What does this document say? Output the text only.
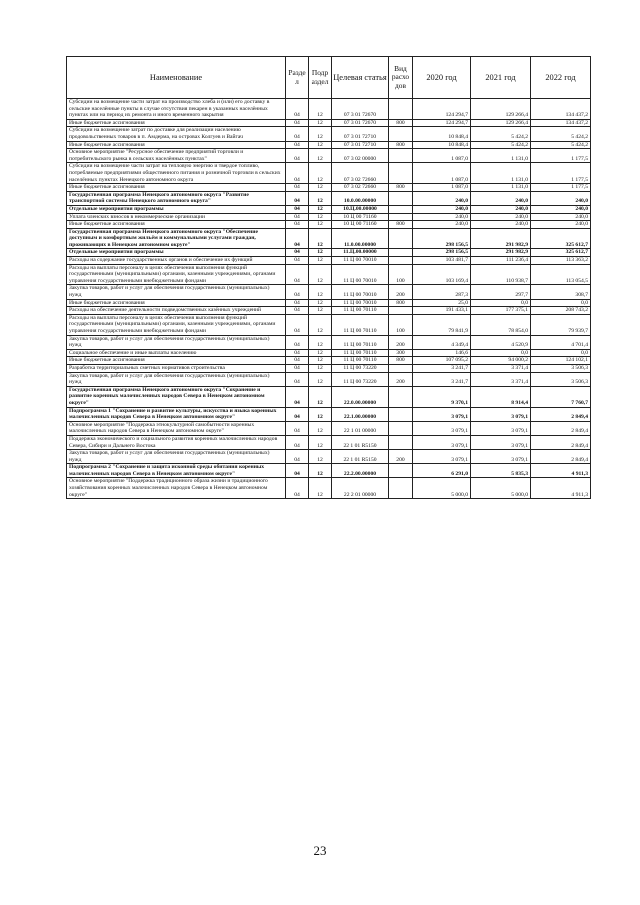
Наименование	Разде л	Подр аздел	Целевая статья	Вид расхо дов	2020 год	2021 год	2022 год
Субсидии на возмещение части затрат на производство хлеба и (или) его доставку в сельские населённые пункты в случае отсутствия пекарен в указанных населённых пунктах или на период их ремонта и иного временного закрытия	04	12	07 3 01 72670		124 294,7	129 266,4	134 437,2
Иные бюджетные ассигнования	04	12	07 3 01 72670	800	124 294,7	129 266,4	134 437,2
Субсидии на возмещение затрат по доставке для реализации населению продовольственных товаров в п. Амдерма, на островах Колгуев и Вайгач	04	12	07 3 01 72710		10 848,4	5 424,2	5 424,2
Иные бюджетные ассигнования	04	12	07 3 01 72710	800	10 848,4	5 424,2	5 424,2
Основное мероприятие "Ресурсное обеспечение предприятий торговли и потребительского рынка в сельских населённых пунктах"	04	12	07 3 02 00000		1 087,0	1 131,0	1 177,5
Субсидии на возмещение части затрат на тепловую энергию и твердое топливо, потребляемые предприятиями общественного питания и розничной торговли в сельских населённых пунктах Ненецкого автономного округа	04	12	07 3 02 72660		1 087,0	1 131,0	1 177,5
Иные бюджетные ассигнования	04	12	07 3 02 72660	800	1 087,0	1 131,0	1 177,5
Государственная программа Ненецкого автономного округа "Развитие транспортной системы Ненецкого автономного округа"	04	12	10.0.00.00000		240,0	240,0	240,0
Отдельные мероприятия программы	04	12	10.Ц.00.00000		240,0	240,0	240,0
Уплата членских взносов в некоммерческие организации	04	12	10 Ц 00 71160		240,0	240,0	240,0
Иные бюджетные ассигнования	04	12	10 Ц 00 71160	800	240,0	240,0	240,0
Государственная программа Ненецкого автономного округа "Обеспечение доступным и комфортным жильём и коммунальными услугами граждан, проживающих в Ненецком автономном округе"	04	12	11.0.00.00000		298 156,5	291 982,9	325 612,7
Отдельные мероприятия программы	04	12	11.Ц.00.00000		298 156,5	291 982,9	325 612,7
Расходы на содержание государственных органов и обеспечение их функций	04	12	11 Ц 00 70010		103 481,7	111 236,4	113 363,2
Расходы на выплаты персоналу в целях обеспечения выполнения функций государственными (муниципальными) органами, казенными учреждениями, органами управления государственными внебюджетными фондами	04	12	11 Ц 00 70010	100	103 169,4	110 938,7	113 054,5
Закупка товаров, работ и услуг для обеспечения государственных (муниципальных) нужд	04	12	11 Ц 00 70010	200	287,3	297,7	308,7
Иные бюджетные ассигнования	04	12	11 Ц 00 70010	800	25,0	0,0	0,0
Расходы на обеспечение деятельности подведомственных казённых учреждений	04	12	11 Ц 00 70110		191 433,1	177 375,1	208 743,2
Расходы на выплаты персоналу в целях обеспечения выполнения функций государственными (муниципальными) органами, казенными учреждениями, органами управления государственными внебюджетными фондами	04	12	11 Ц 00 70110	100	79 841,9	78 854,0	79 939,7
Закупка товаров, работ и услуг для обеспечения государственных (муниципальных) нужд	04	12	11 Ц 00 70110	200	4 349,4	4 520,9	4 701,4
Социальное обеспечение и иные выплаты населению	04	12	11 Ц 00 70110	300	146,6	0,0	0,0
Иные бюджетные ассигнования	04	12	11 Ц 00 70110	800	107 095,2	94 000,2	124 102,1
Разработка территориальных сметных нормативов строительства	04	12	11 Ц 00 73220		3 241,7	3 371,4	3 506,3
Закупка товаров, работ и услуг для обеспечения государственных (муниципальных) нужд	04	12	11 Ц 00 73220	200	3 241,7	3 371,4	3 506,3
Государственная программа Ненецкого автономного округа "Сохранение и развитие коренных малочисленных народов Севера в Ненецком автономном округе"	04	12	22.0.00.00000		9 370,1	8 914,4	7 760,7
Подпрограмма 1 "Сохранение и развитие культуры, искусства и языка коренных малочисленных народов Севера в Ненецком автономном округе"	04	12	22.1.00.00000		3 079,1	3 079,1	2 849,4
Основное мероприятие "Поддержка этнокультурной самобытности коренных малочисленных народов Севера в Ненецком автономном округе"	04	12	22 1 01 00000		3 079,1	3 079,1	2 849,4
Поддержка экономического и социального развития коренных малочисленных народов Севера, Сибири и Дальнего Востока	04	12	22 1 01 R5150		3 079,1	3 079,1	2 849,4
Закупка товаров, работ и услуг для обеспечения государственных (муниципальных) нужд	04	12	22 1 01 R5150	200	3 079,1	3 079,1	2 849,4
Подпрограмма 2 "Сохранение и защита исконной среды обитания коренных малочисленных народов Севера в Ненецком автономном округе"	04	12	22.2.00.00000		6 291,0	5 835,3	4 911,3
Основное мероприятие "Поддержка традиционного образа жизни и традиционного хозяйствования коренных малочисленных народов Севера в Ненецком автономном округе"	04	12	22 2 01 00000		5 000,0	5 000,0	4 911,3
23
